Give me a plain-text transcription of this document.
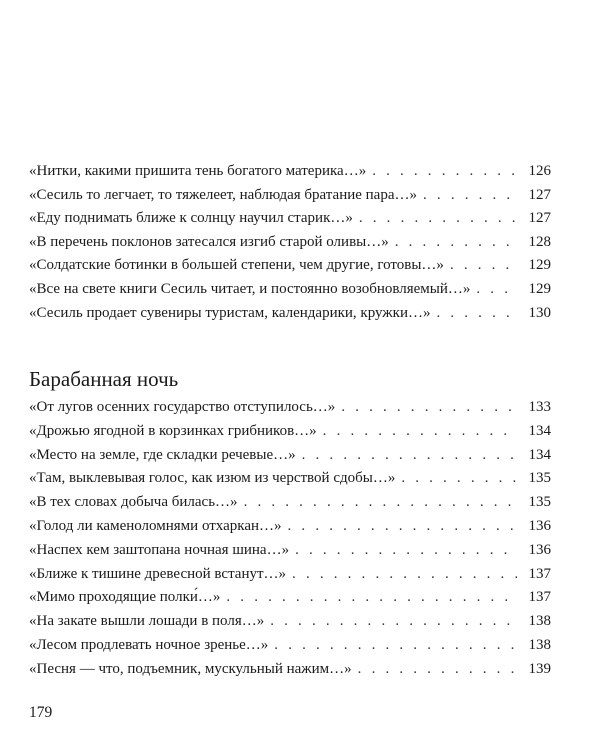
«Нитки, какими пришита тень богатого материка…» . . .	126
«Сесиль то легчает, то тяжелеет, наблюдая братание пара…» . . .	127
«Еду поднимать ближе к солнцу научил старик…» . . .	127
«В перечень поклонов затесался изгиб старой оливы…» . . .	128
«Солдатские ботинки в большей степени, чем другие, готовы…» . . .	129
«Все на свете книги Сесиль читает, и постоянно возобновляемый…» . . .	129
«Сесиль продает сувениры туристам, календарики, кружки…» . . .	130
Барабанная ночь
«От лугов осенних государство отступилось…» . . .	133
«Дрожью ягодной в корзинках грибников…» . . .	134
«Место на земле, где складки речевые…» . . .	134
«Там, выклевывая голос, как изюм из черствой сдобы…» . . .	135
«В тех словах добыча билась…» . . .	135
«Голод ли каменоломнями отхаркан…» . . .	136
«Наспех кем заштопана ночная шина…» . . .	136
«Ближе к тишине древесной встанут…» . . .	137
«Мимо проходящие полки́…» . . .	137
«На закате вышли лошади в поля…» . . .	138
«Лесом продлевать ночное зренье…» . . .	138
«Песня — что, подъемник, мускульный нажим…» . . .	139
179
